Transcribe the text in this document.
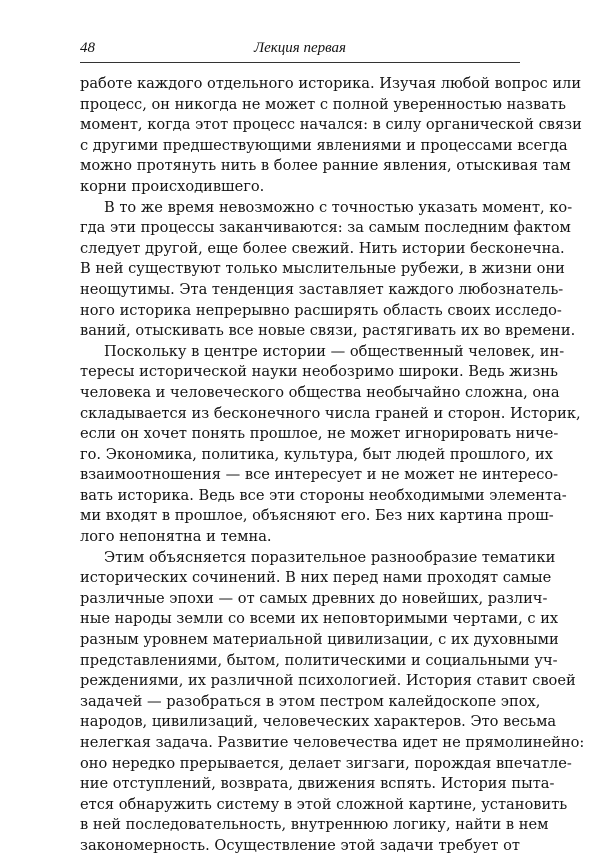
48	Лекция первая
работе каждого отдельного историка. Изучая любой вопрос или
процесс, он никогда не может с полной уверенностью назвать
момент, когда этот процесс начался: в силу органической связи
с другими предшествующими явлениями и процессами всегда
можно протянуть нить в более ранние явления, отыскивая там
корни происходившего.
В то же время невозможно с точностью указать момент, ко-
гда эти процессы заканчиваются: за самым последним фактом
следует другой, еще более свежий. Нить истории бесконечна.
В ней существуют только мыслительные рубежи, в жизни они
неощутимы. Эта тенденция заставляет каждого любознатель-
ного историка непрерывно расширять область своих исследо-
ваний, отыскивать все новые связи, растягивать их во времени.
Поскольку в центре истории — общественный человек, ин-
тересы исторической науки необозримо широки. Ведь жизнь
человека и человеческого общества необычайно сложна, она
складывается из бесконечного числа граней и сторон. Историк,
если он хочет понять прошлое, не может игнорировать ниче-
го. Экономика, политика, культура, быт людей прошлого, их
взаимоотношения — все интересует и не может не интересо-
вать историка. Ведь все эти стороны необходимыми элемента-
ми входят в прошлое, объясняют его. Без них картина прош-
лого непонятна и темна.
Этим объясняется поразительное разнообразие тематики
исторических сочинений. В них перед нами проходят самые
различные эпохи — от самых древних до новейших, различ-
ные народы земли со всеми их неповторимыми чертами, с их
разным уровнем материальной цивилизации, с их духовными
представлениями, бытом, политическими и социальными уч-
реждениями, их различной психологией. История ставит своей
задачей — разобраться в этом пестром калейдоскопе эпох,
народов, цивилизаций, человеческих характеров. Это весьма
нелегкая задача. Развитие человечества идет не прямолинейно:
оно нередко прерывается, делает зигзаги, порождая впечатле-
ние отступлений, возврата, движения вспять. История пыта-
ется обнаружить систему в этой сложной картине, установить
в ней последовательность, внутреннюю логику, найти в нем
закономерность. Осуществление этой задачи требует от
